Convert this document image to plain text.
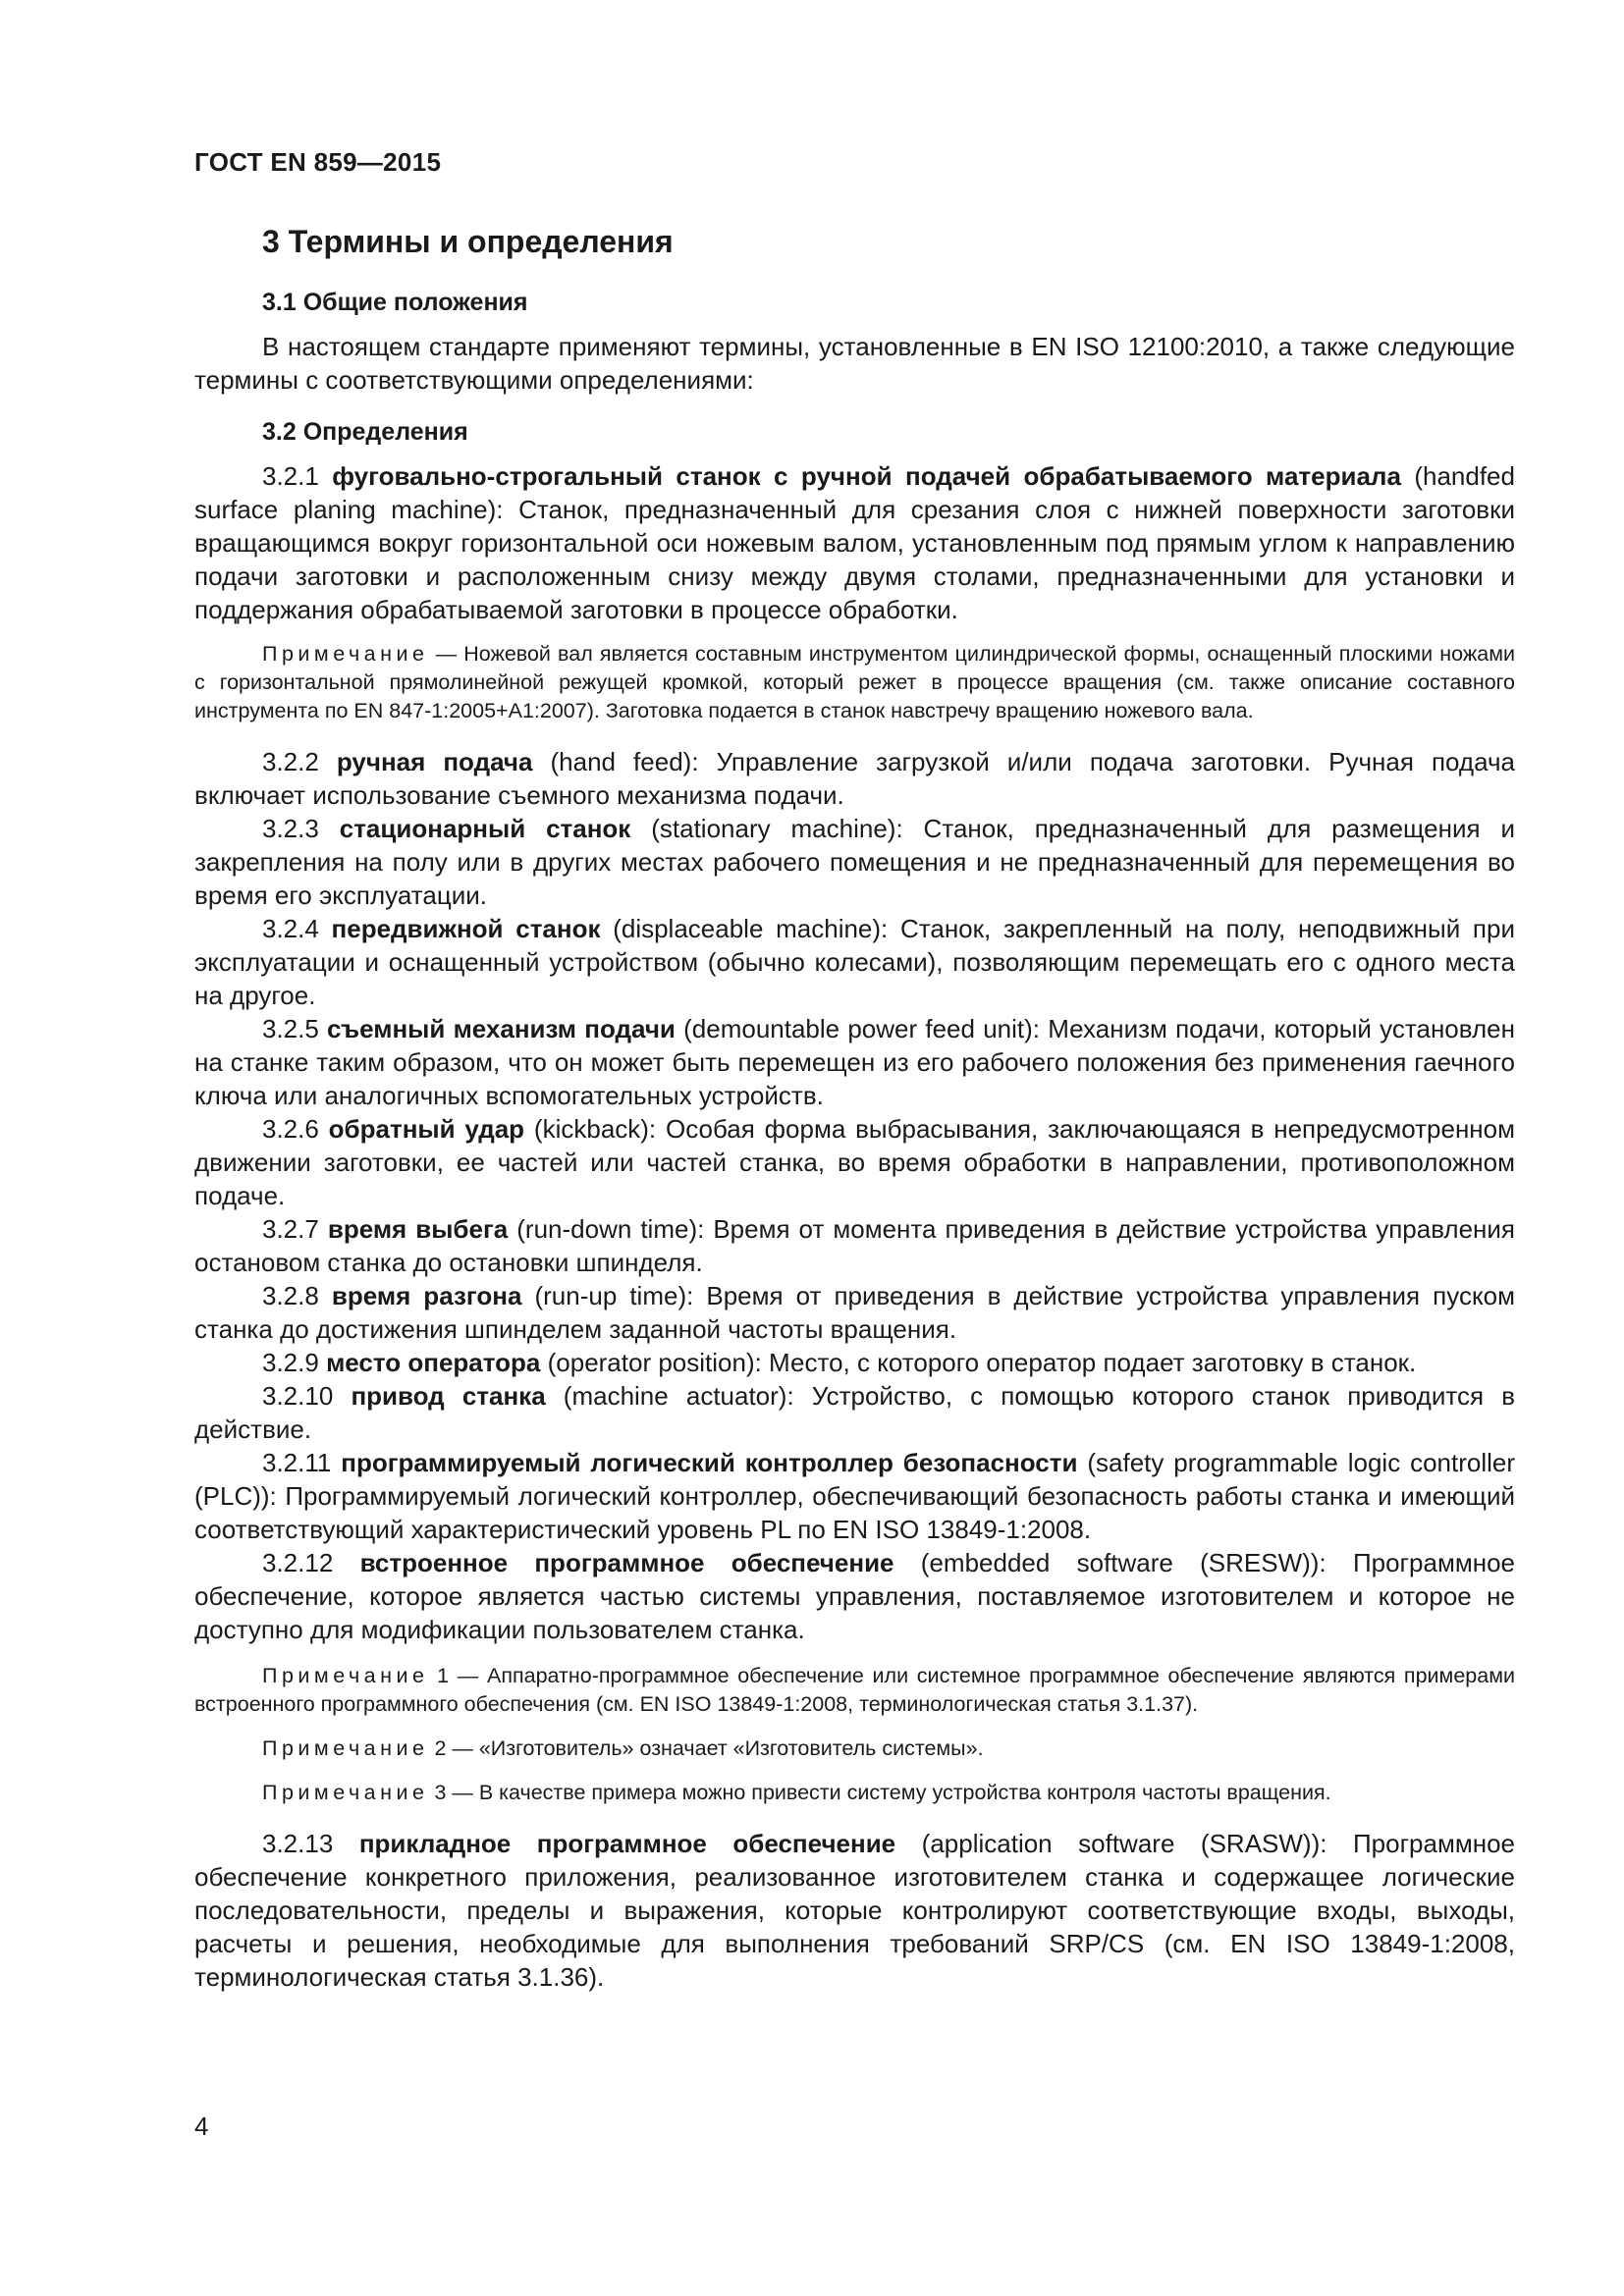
ГОСТ EN 859—2015
3 Термины и определения
3.1 Общие положения

В настоящем стандарте применяют термины, установленные в EN ISO 12100:2010, а также следующие термины с соответствующими определениями:

3.2 Определения

3.2.1 фуговально-строгальный станок с ручной подачей обрабатываемого материала (handfed surface planing machine): Станок, предназначенный для срезания слоя с нижней поверхности заготовки вращающимся вокруг горизонтальной оси ножевым валом, установленным под прямым углом к направлению подачи заготовки и расположенным снизу между двумя столами, предназначенными для установки и поддержания обрабатываемой заготовки в процессе обработки.

Примечание — Ножевой вал является составным инструментом цилиндрической формы, оснащенный плоскими ножами с горизонтальной прямолинейной режущей кромкой, который режет в процессе вращения (см. также описание составного инструмента по EN 847-1:2005+А1:2007). Заготовка подается в станок навстречу вращению ножевого вала.

3.2.2 ручная подача (hand feed): Управление загрузкой и/или подача заготовки. Ручная подача включает использование съемного механизма подачи.

3.2.3 стационарный станок (stationary machine): Станок, предназначенный для размещения и закрепления на полу или в других местах рабочего помещения и не предназначенный для перемещения во время его эксплуатации.

3.2.4 передвижной станок (displaceable machine): Станок, закрепленный на полу, неподвижный при эксплуатации и оснащенный устройством (обычно колесами), позволяющим перемещать его с одного места на другое.

3.2.5 съемный механизм подачи (demountable power feed unit): Механизм подачи, который установлен на станке таким образом, что он может быть перемещен из его рабочего положения без применения гаечного ключа или аналогичных вспомогательных устройств.

3.2.6 обратный удар (kickback): Особая форма выбрасывания, заключающаяся в непредусмотренном движении заготовки, ее частей или частей станка, во время обработки в направлении, противоположном подаче.

3.2.7 время выбега (run-down time): Время от момента приведения в действие устройства управления остановом станка до остановки шпинделя.

3.2.8 время разгона (run-up time): Время от приведения в действие устройства управления пуском станка до достижения шпинделем заданной частоты вращения.

3.2.9 место оператора (operator position): Место, с которого оператор подает заготовку в станок.

3.2.10 привод станка (machine actuator): Устройство, с помощью которого станок приводится в действие.

3.2.11 программируемый логический контроллер безопасности (safety programmable logic controller (PLC)): Программируемый логический контроллер, обеспечивающий безопасность работы станка и имеющий соответствующий характеристический уровень PL по EN ISO 13849-1:2008.

3.2.12 встроенное программное обеспечение (embedded software (SRESW)): Программное обеспечение, которое является частью системы управления, поставляемое изготовителем и которое не доступно для модификации пользователем станка.

Примечание 1 — Аппаратно-программное обеспечение или системное программное обеспечение являются примерами встроенного программного обеспечения (см. EN ISO 13849-1:2008, терминологическая статья 3.1.37).

Примечание 2 — «Изготовитель» означает «Изготовитель системы».

Примечание 3 — В качестве примера можно привести систему устройства контроля частоты вращения.

3.2.13 прикладное программное обеспечение (application software (SRASW)): Программное обеспечение конкретного приложения, реализованное изготовителем станка и содержащее логические последовательности, пределы и выражения, которые контролируют соответствующие входы, выходы, расчеты и решения, необходимые для выполнения требований SRP/CS (см. EN ISO 13849-1:2008, терминологическая статья 3.1.36).

4
